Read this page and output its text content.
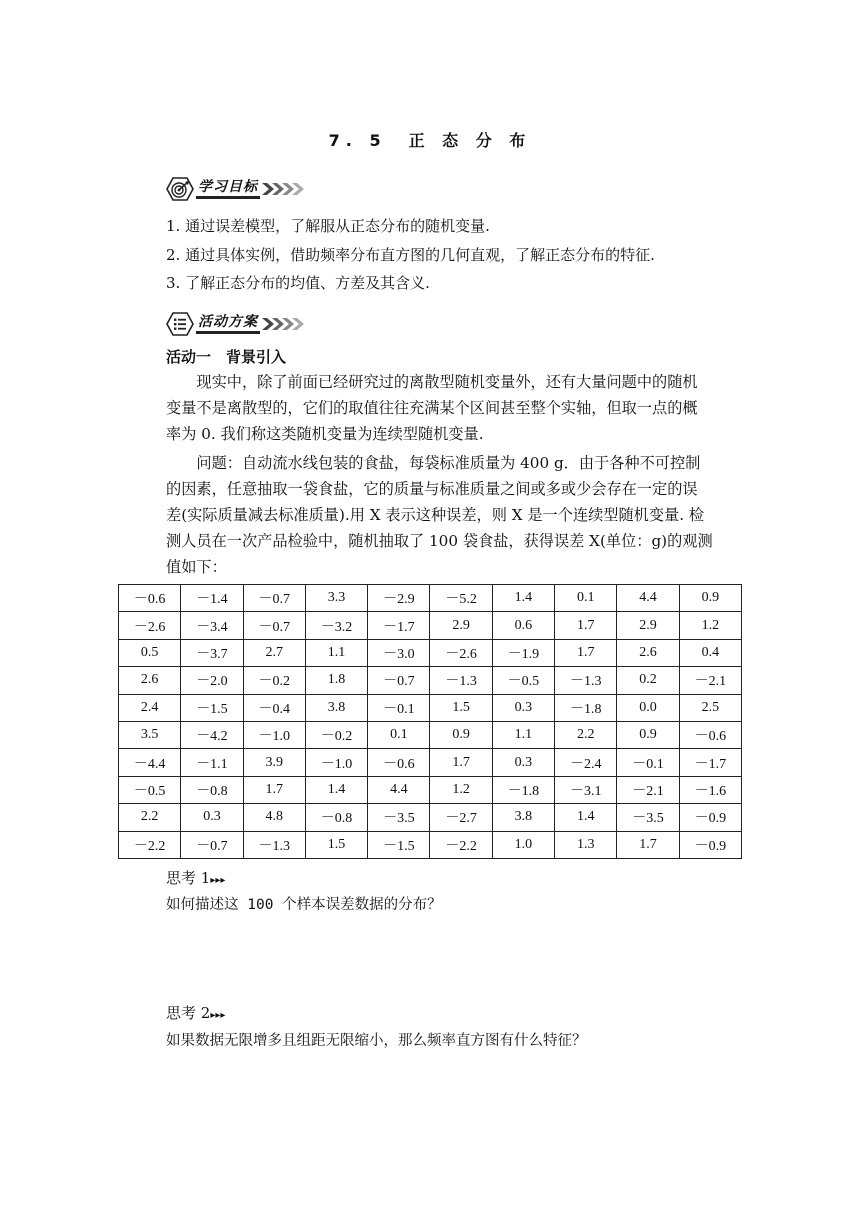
7. 5　正 态 分 布
学习目标
1. 通过误差模型，了解服从正态分布的随机变量.
2. 通过具体实例，借助频率分布直方图的几何直观，了解正态分布的特征.
3. 了解正态分布的均值、方差及其含义.
活动方案
活动一　背景引入

　　现实中，除了前面已经研究过的离散型随机变量外，还有大量问题中的随机

变量不是离散型的，它们的取值往往充满某个区间甚至整个实轴，但取一点的概

率为 0. 我们称这类随机变量为连续型随机变量.

　　问题：自动流水线包装的食盐，每袋标准质量为 400 g．由于各种不可控制

的因素，任意抽取一袋食盐，它的质量与标准质量之间或多或少会存在一定的误

差(实际质量减去标准质量).用 X 表示这种误差，则 X 是一个连续型随机变量. 检

测人员在一次产品检验中，随机抽取了 100 袋食盐，获得误差 X(单位：g)的观测

值如下：

－0.6	－1.4	－0.7	3.3	－2.9	－5.2	1.4	0.1	4.4	0.9
－2.6	－3.4	－0.7	－3.2	－1.7	2.9	0.6	1.7	2.9	1.2
0.5	－3.7	2.7	1.1	－3.0	－2.6	－1.9	1.7	2.6	0.4
2.6	－2.0	－0.2	1.8	－0.7	－1.3	－0.5	－1.3	0.2	－2.1
2.4	－1.5	－0.4	3.8	－0.1	1.5	0.3	－1.8	0.0	2.5
3.5	－4.2	－1.0	－0.2	0.1	0.9	1.1	2.2	0.9	－0.6
－4.4	－1.1	3.9	－1.0	－0.6	1.7	0.3	－2.4	－0.1	－1.7
－0.5	－0.8	1.7	1.4	4.4	1.2	－1.8	－3.1	－2.1	－1.6
2.2	0.3	4.8	－0.8	－3.5	－2.7	3.8	1.4	－3.5	－0.9
－2.2	－0.7	－1.3	1.5	－1.5	－2.2	1.0	1.3	1.7	－0.9
思考 1▸▸▸
如何描述这 100 个样本误差数据的分布？
思考 2▸▸▸
如果数据无限增多且组距无限缩小，那么频率直方图有什么特征？
